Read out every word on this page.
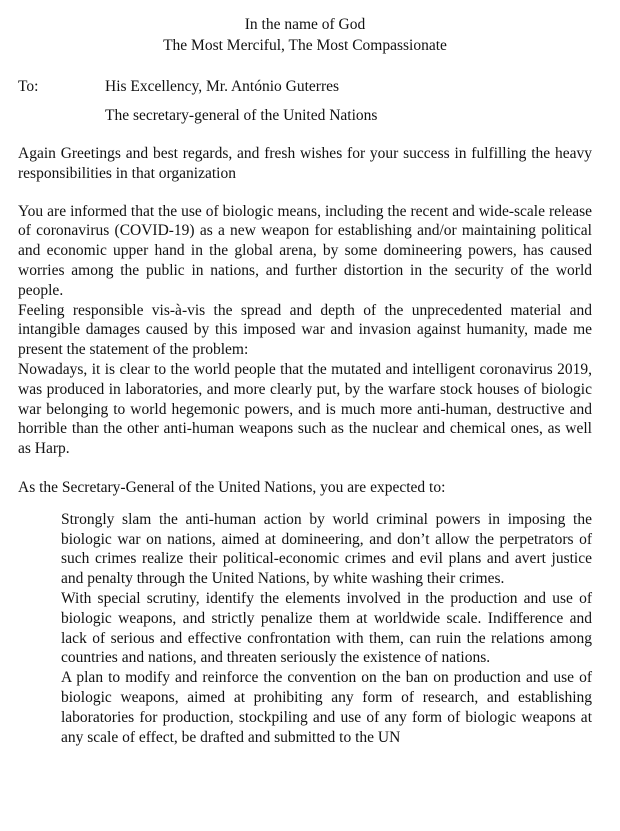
In the name of God
The Most Merciful, The Most Compassionate
To:	His Excellency, Mr. António Guterres
The secretary-general of the United Nations

Again Greetings and best regards, and fresh wishes for your success in fulfilling the heavy responsibilities in that organization

You are informed that the use of biologic means, including the recent and wide-scale release of coronavirus (COVID-19) as a new weapon for establishing and/or maintaining political and economic upper hand in the global arena, by some domineering powers, has caused worries among the public in nations, and further distortion in the security of the world people.

Feeling responsible vis-à-vis the spread and depth of the unprecedented material and intangible damages caused by this imposed war and invasion against humanity, made me present the statement of the problem:

Nowadays, it is clear to the world people that the mutated and intelligent coronavirus 2019, was produced in laboratories, and more clearly put, by the warfare stock houses of biologic war belonging to world hegemonic powers, and is much more anti-human, destructive and horrible than the other anti-human weapons such as the nuclear and chemical ones, as well as Harp.

As the Secretary-General of the United Nations, you are expected to:

Strongly slam the anti-human action by world criminal powers in imposing the biologic war on nations, aimed at domineering, and don’t allow the perpetrators of such crimes realize their political-economic crimes and evil plans and avert justice and penalty through the United Nations, by white washing their crimes.
With special scrutiny, identify the elements involved in the production and use of biologic weapons, and strictly penalize them at worldwide scale. Indifference and lack of serious and effective confrontation with them, can ruin the relations among countries and nations, and threaten seriously the existence of nations.
A plan to modify and reinforce the convention on the ban on production and use of biologic weapons, aimed at prohibiting any form of research, and establishing laboratories for production, stockpiling and use of any form of biologic weapons at any scale of effect, be drafted and submitted to the UN
